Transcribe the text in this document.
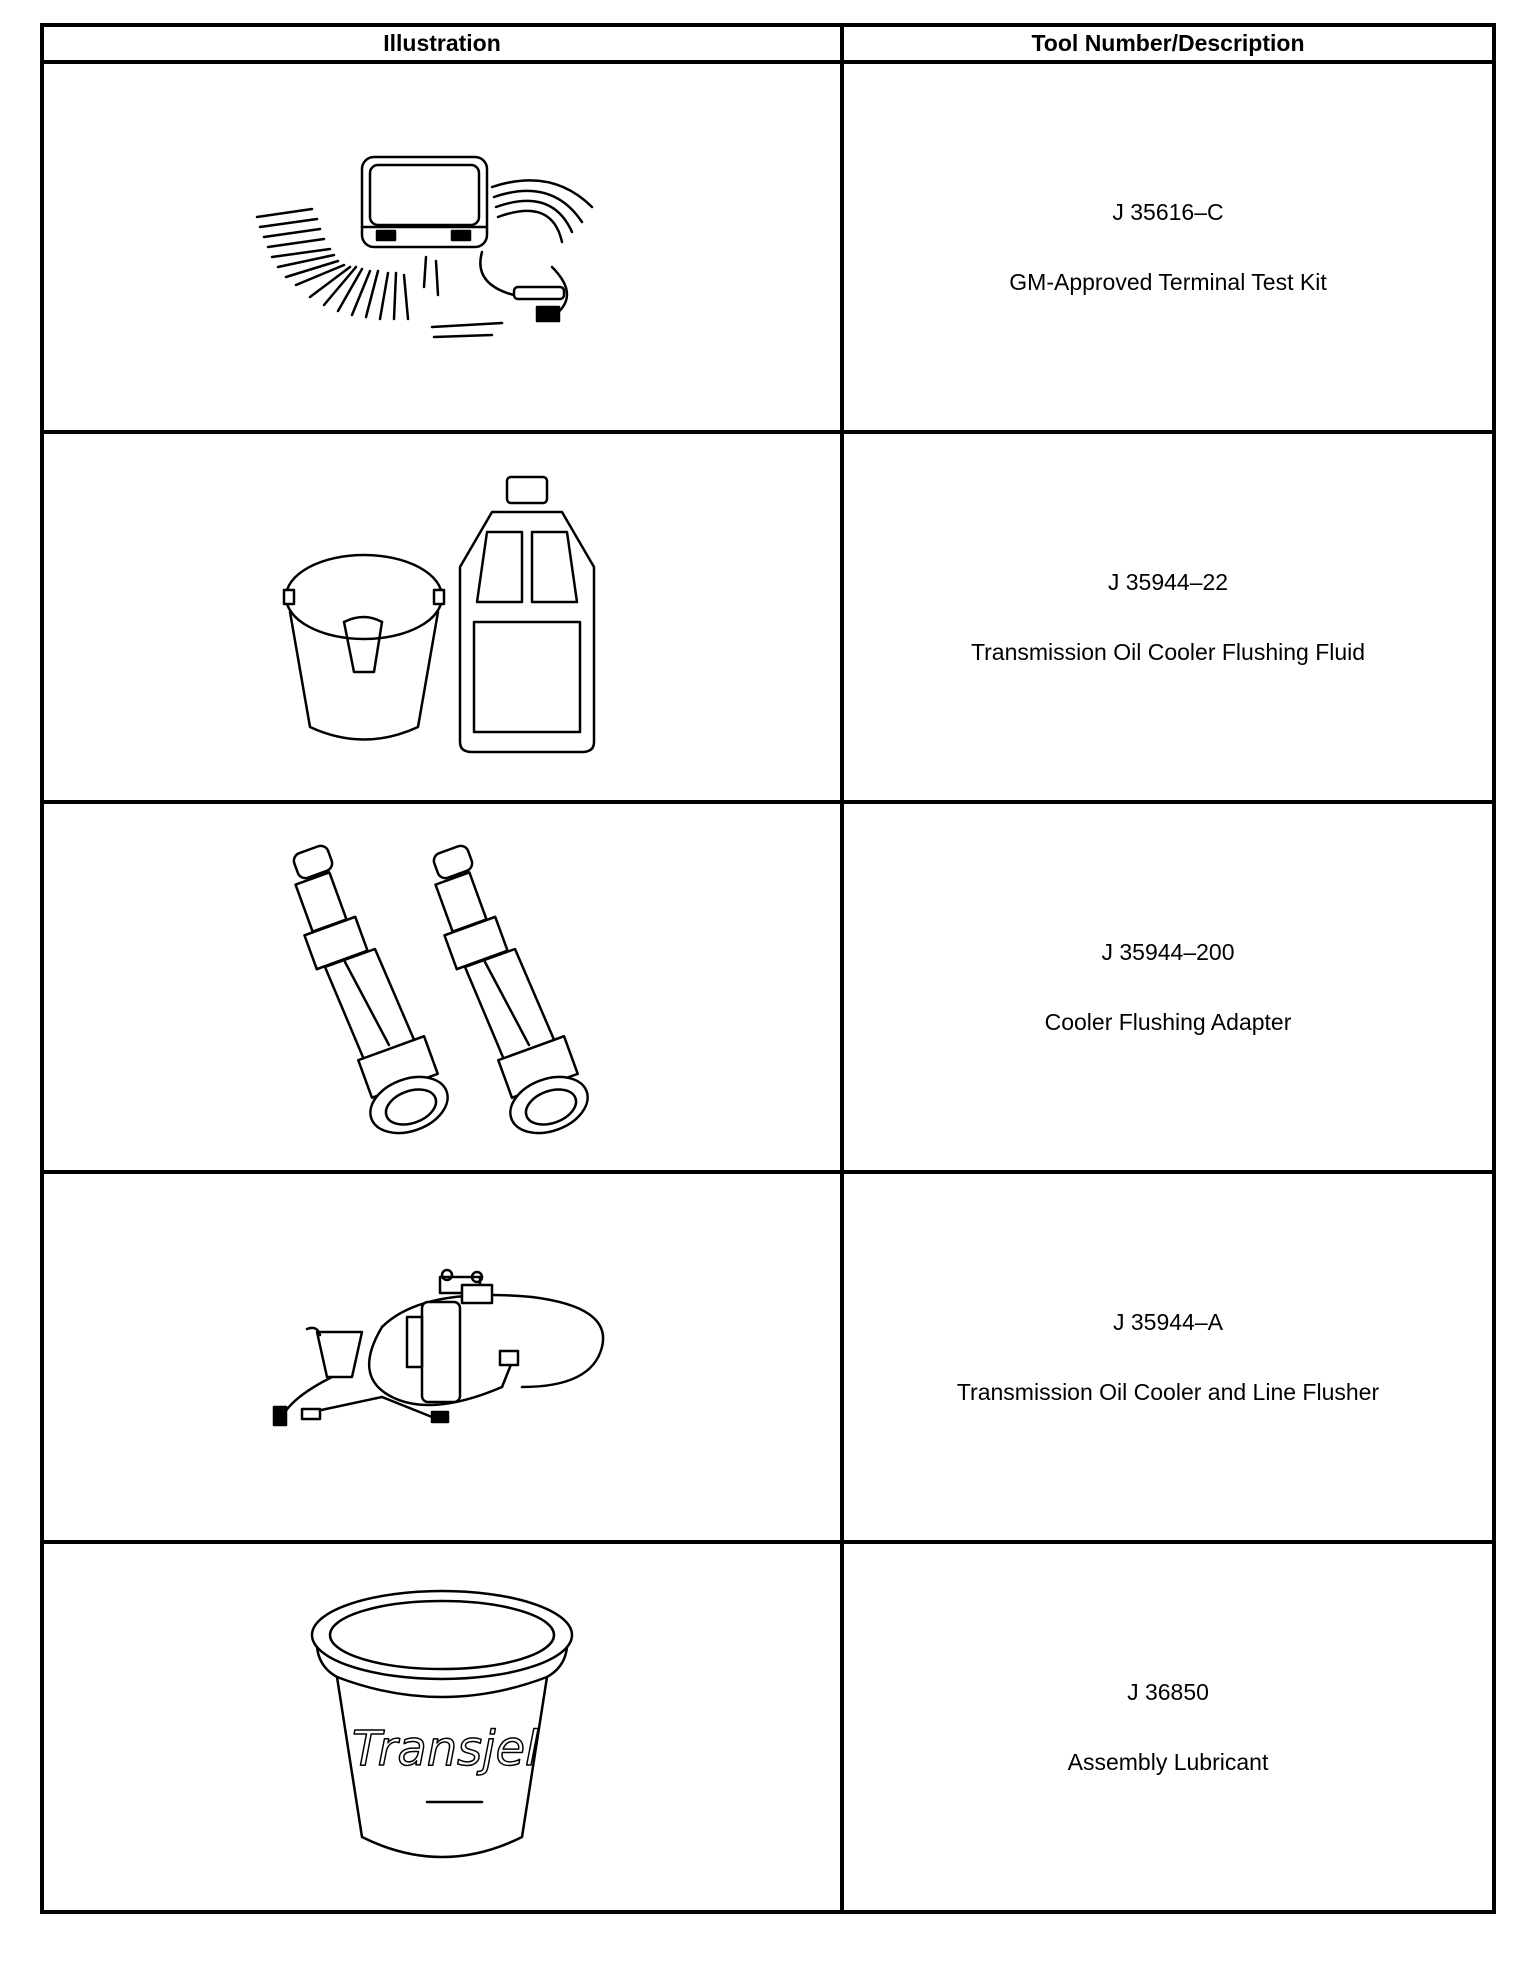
Illustration	Tool Number/Description

J 35616–C
GM-Approved Terminal Test Kit

J 35944–22
Transmission Oil Cooler Flushing Fluid

J 35944–200
Cooler Flushing Adapter

J 35944–A
Transmission Oil Cooler and Line Flusher

Transjel	J 36850
Assembly Lubricant
